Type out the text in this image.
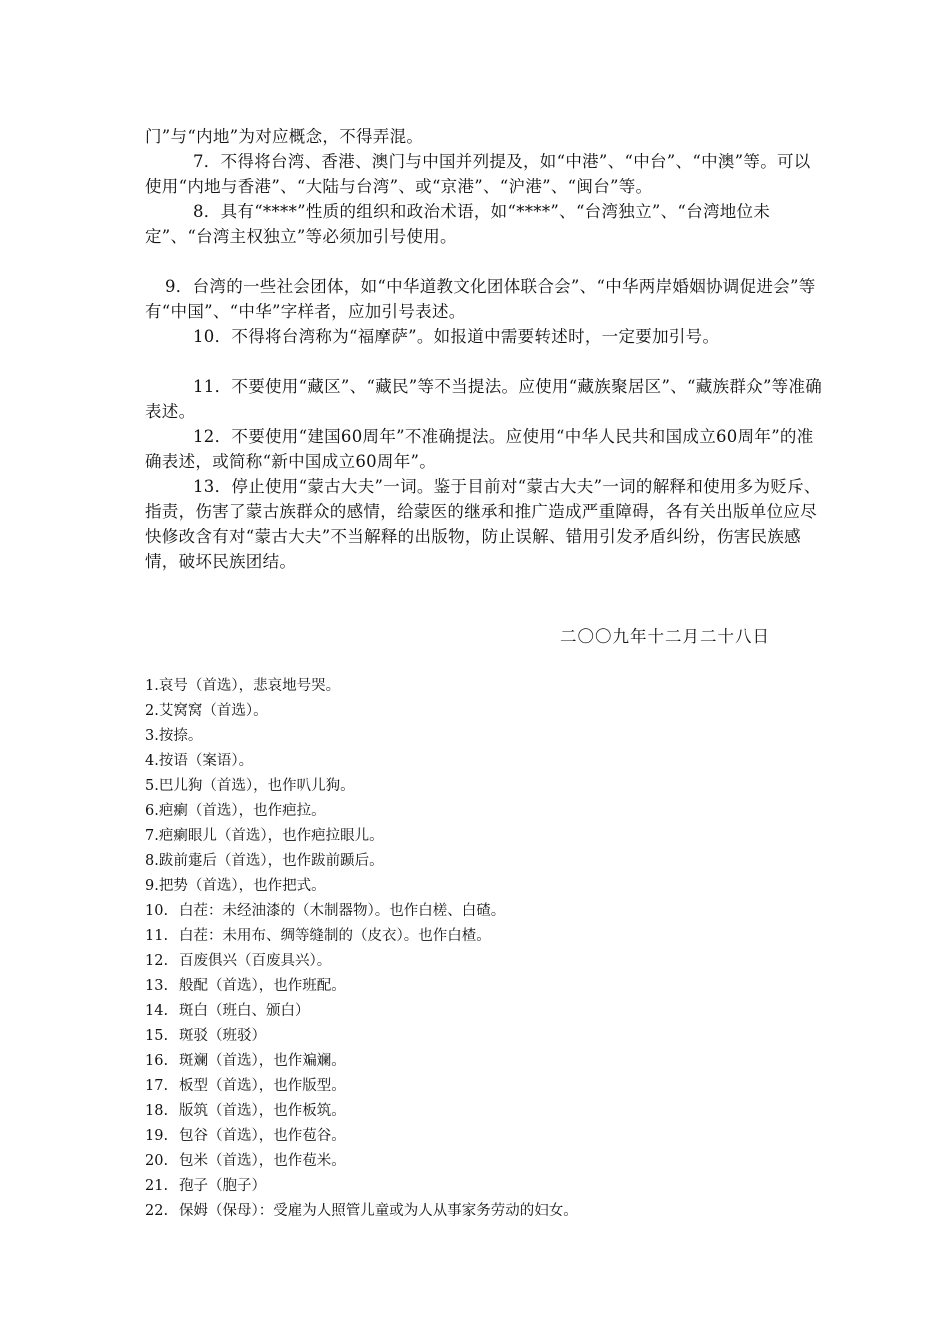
门”与“内地”为对应概念，不得弄混。

7．不得将台湾、香港、澳门与中国并列提及，如“中港”、“中台”、“中澳”等。可以使用“内地与香港”、“大陆与台湾”、或“京港”、“沪港”、“闽台”等。

8．具有“****”性质的组织和政治术语，如“****”、“台湾独立”、“台湾地位未定”、“台湾主权独立”等必须加引号使用。

9．台湾的一些社会团体，如“中华道教文化团体联合会”、“中华两岸婚姻协调促进会”等有“中国”、“中华”字样者，应加引号表述。

10．不得将台湾称为“福摩萨”。如报道中需要转述时，一定要加引号。

11．不要使用“藏区”、“藏民”等不当提法。应使用“藏族聚居区”、“藏族群众”等准确表述。

12．不要使用“建国60周年”不准确提法。应使用“中华人民共和国成立60周年”的准确表述，或简称“新中国成立60周年”。

13．停止使用“蒙古大夫”一词。鉴于目前对“蒙古大夫”一词的解释和使用多为贬斥、指责，伤害了蒙古族群众的感情，给蒙医的继承和推广造成严重障碍，各有关出版单位应尽快修改含有对“蒙古大夫”不当解释的出版物，防止误解、错用引发矛盾纠纷，伤害民族感情，破坏民族团结。

二〇〇九年十二月二十八日
1.哀号（首选），悲哀地号哭。
2.艾窝窝（首选）。
3.按捺。
4.按语（案语）。
5.巴儿狗（首选），也作叭儿狗。
6.疤瘌（首选），也作疤拉。
7.疤瘌眼儿（首选），也作疤拉眼儿。
8.跋前疐后（首选），也作跋前踬后。
9.把势（首选），也作把式。
10. 白茬：未经油漆的（木制器物）。也作白槎、白碴。
11. 白茬：未用布、绸等缝制的（皮衣）。也作白楂。
12. 百废俱兴（百废具兴）。
13. 般配（首选），也作班配。
14. 斑白（班白、颁白）
15. 斑驳（班驳）
16. 斑斓（首选），也作斒斓。
17. 板型（首选），也作版型。
18. 版筑（首选），也作板筑。
19. 包谷（首选），也作苞谷。
20. 包米（首选），也作苞米。
21. 孢子（胞子）
22. 保姆（保母）：受雇为人照管儿童或为人从事家务劳动的妇女。
